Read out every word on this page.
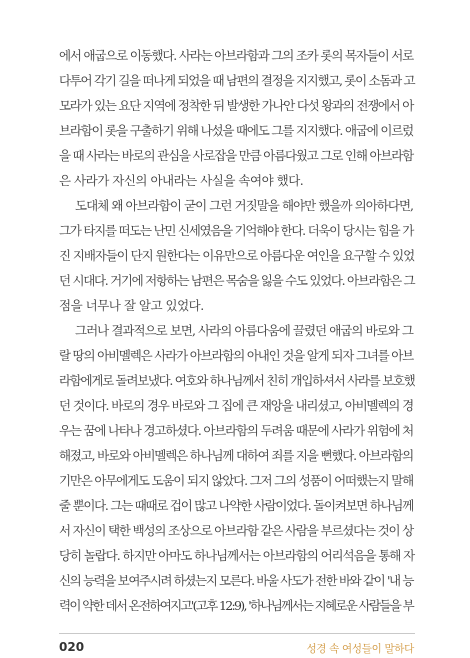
에서 애굽으로 이동했다. 사라는 아브라함과 그의 조카 롯의 목자들이 서로
다투어 각기 길을 떠나게 되었을 때 남편의 결정을 지지했고, 롯이 소돔과 고
모라가 있는 요단 지역에 정착한 뒤 발생한 가나안 다섯 왕과의 전쟁에서 아
브라함이 롯을 구출하기 위해 나섰을 때에도 그를 지지했다. 애굽에 이르렀
을 때 사라는 바로의 관심을 사로잡을 만큼 아름다웠고 그로 인해 아브라함
은 사라가 자신의 아내라는 사실을 속여야 했다.
도대체 왜 아브라함이 굳이 그런 거짓말을 해야만 했을까 의아하다면,
그가 타지를 떠도는 난민 신세였음을 기억해야 한다. 더욱이 당시는 힘을 가
진 지배자들이 단지 원한다는 이유만으로 아름다운 여인을 요구할 수 있었
던 시대다. 거기에 저항하는 남편은 목숨을 잃을 수도 있었다. 아브라함은 그
점을 너무나 잘 알고 있었다.
그러나 결과적으로 보면, 사라의 아름다움에 끌렸던 애굽의 바로와 그
랄 땅의 아비멜렉은 사라가 아브라함의 아내인 것을 알게 되자 그녀를 아브
라함에게로 돌려보냈다. 여호와 하나님께서 친히 개입하셔서 사라를 보호했
던 것이다. 바로의 경우 바로와 그 집에 큰 재앙을 내리셨고, 아비멜렉의 경
우는 꿈에 나타나 경고하셨다. 아브라함의 두려움 때문에 사라가 위험에 처
해졌고, 바로와 아비멜렉은 하나님께 대하여 죄를 지을 뻔했다. 아브라함의
기만은 아무에게도 도움이 되지 않았다. 그저 그의 성품이 어떠했는지 말해
줄 뿐이다. 그는 때때로 겁이 많고 나약한 사람이었다. 돌이켜보면 하나님께
서 자신이 택한 백성의 조상으로 아브라함 같은 사람을 부르셨다는 것이 상
당히 놀랍다. 하지만 아마도 하나님께서는 아브라함의 어리석음을 통해 자
신의 능력을 보여주시려 하셨는지 모른다. 바울 사도가 전한 바와 같이 '내 능
력이 약한 데서 온전하여지고'(고후 12:9), '하나님께서는 지혜로운 사람들을 부
020	성경 속 여성들이 말하다
